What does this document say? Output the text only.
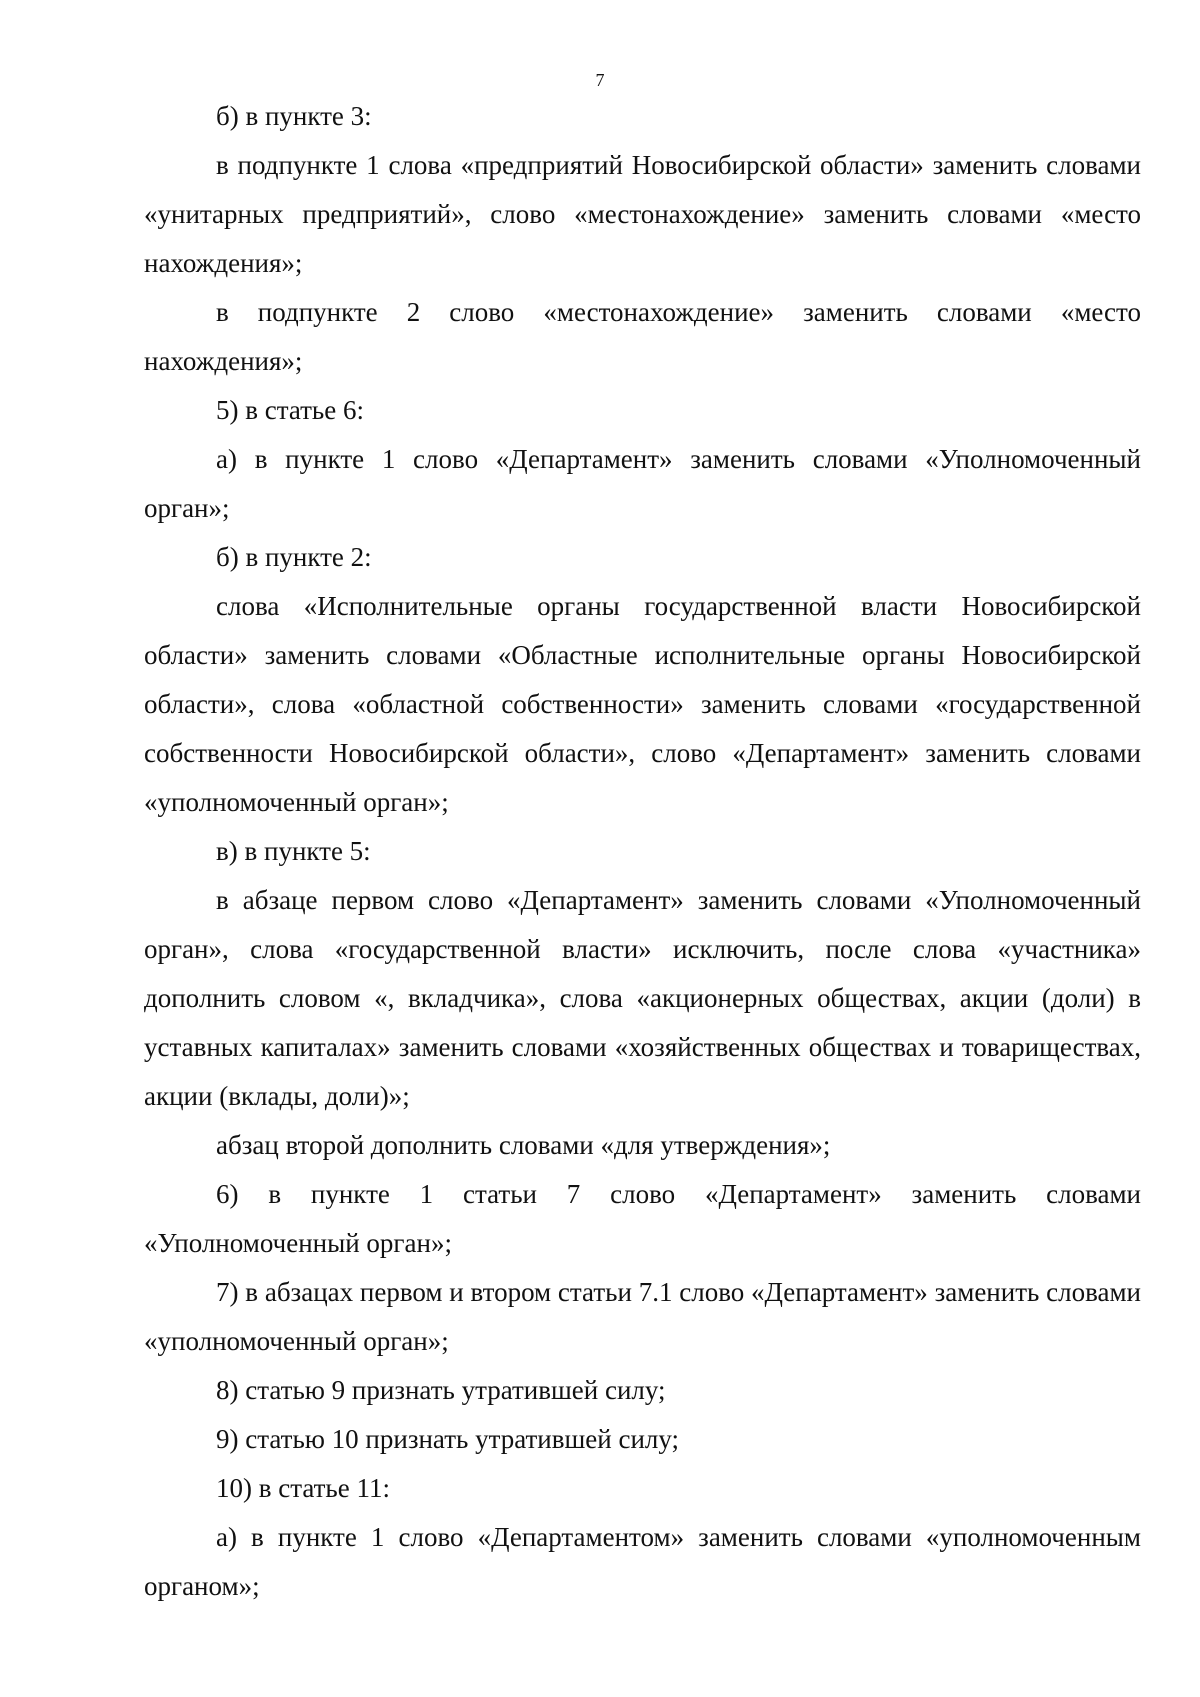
7

б) в пункте 3:

в подпункте 1 слова «предприятий Новосибирской области» заменить словами «унитарных предприятий», слово «местонахождение» заменить словами «место нахождения»;

в подпункте 2 слово «местонахождение» заменить словами «место нахождения»;

5) в статье 6:

а) в пункте 1 слово «Департамент» заменить словами «Уполномоченный орган»;

б) в пункте 2:

слова «Исполнительные органы государственной власти Новосибирской области» заменить словами «Областные исполнительные органы Новосибирской области», слова «областной собственности» заменить словами «государственной собственности Новосибирской области», слово «Департамент» заменить словами «уполномоченный орган»;

в) в пункте 5:

в абзаце первом слово «Департамент» заменить словами «Уполномоченный орган», слова «государственной власти» исключить, после слова «участника» дополнить словом «, вкладчика», слова «акционерных обществах, акции (доли) в уставных капиталах» заменить словами «хозяйственных обществах и товариществах, акции (вклады, доли)»;

абзац второй дополнить словами «для утверждения»;

6) в пункте 1 статьи 7 слово «Департамент» заменить словами «Уполномоченный орган»;

7) в абзацах первом и втором статьи 7.1 слово «Департамент» заменить словами «уполномоченный орган»;

8) статью 9 признать утратившей силу;

9) статью 10 признать утратившей силу;

10) в статье 11:

а) в пункте 1 слово «Департаментом» заменить словами «уполномоченным органом»;
